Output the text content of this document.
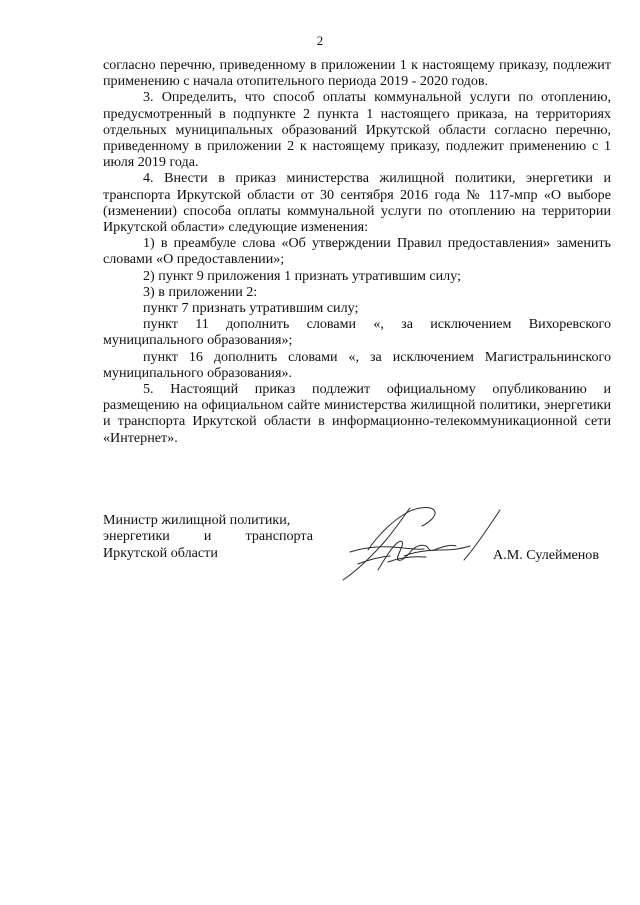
2

согласно перечню, приведенному в приложении 1 к настоящему приказу, подлежит применению с начала отопительного периода 2019 - 2020 годов.

3. Определить, что способ оплаты коммунальной услуги по отоплению, предусмотренный в подпункте 2 пункта 1 настоящего приказа, на территориях отдельных муниципальных образований Иркутской области согласно перечню, приведенному в приложении 2 к настоящему приказу, подлежит применению с 1 июля 2019 года.

4. Внести в приказ министерства жилищной политики, энергетики и транспорта Иркутской области от 30 сентября 2016 года № 117-мпр «О выборе (изменении) способа оплаты коммунальной услуги по отоплению на территории Иркутской области» следующие изменения:

1) в преамбуле слова «Об утверждении Правил предоставления» заменить словами «О предоставлении»;

2) пункт 9 приложения 1 признать утратившим силу;

3) в приложении 2:

пункт 7 признать утратившим силу;

пункт 11 дополнить словами «, за исключением Вихоревского муниципального образования»;

пункт 16 дополнить словами «, за исключением Магистральнинского муниципального образования».

5. Настоящий приказ подлежит официальному опубликованию и размещению на официальном сайте министерства жилищной политики, энергетики и транспорта Иркутской области в информационно-телекоммуникационной сети «Интернет».

Министр жилищной политики,
энергетики и транспорта
Иркутской области	А.М. Сулейменов
